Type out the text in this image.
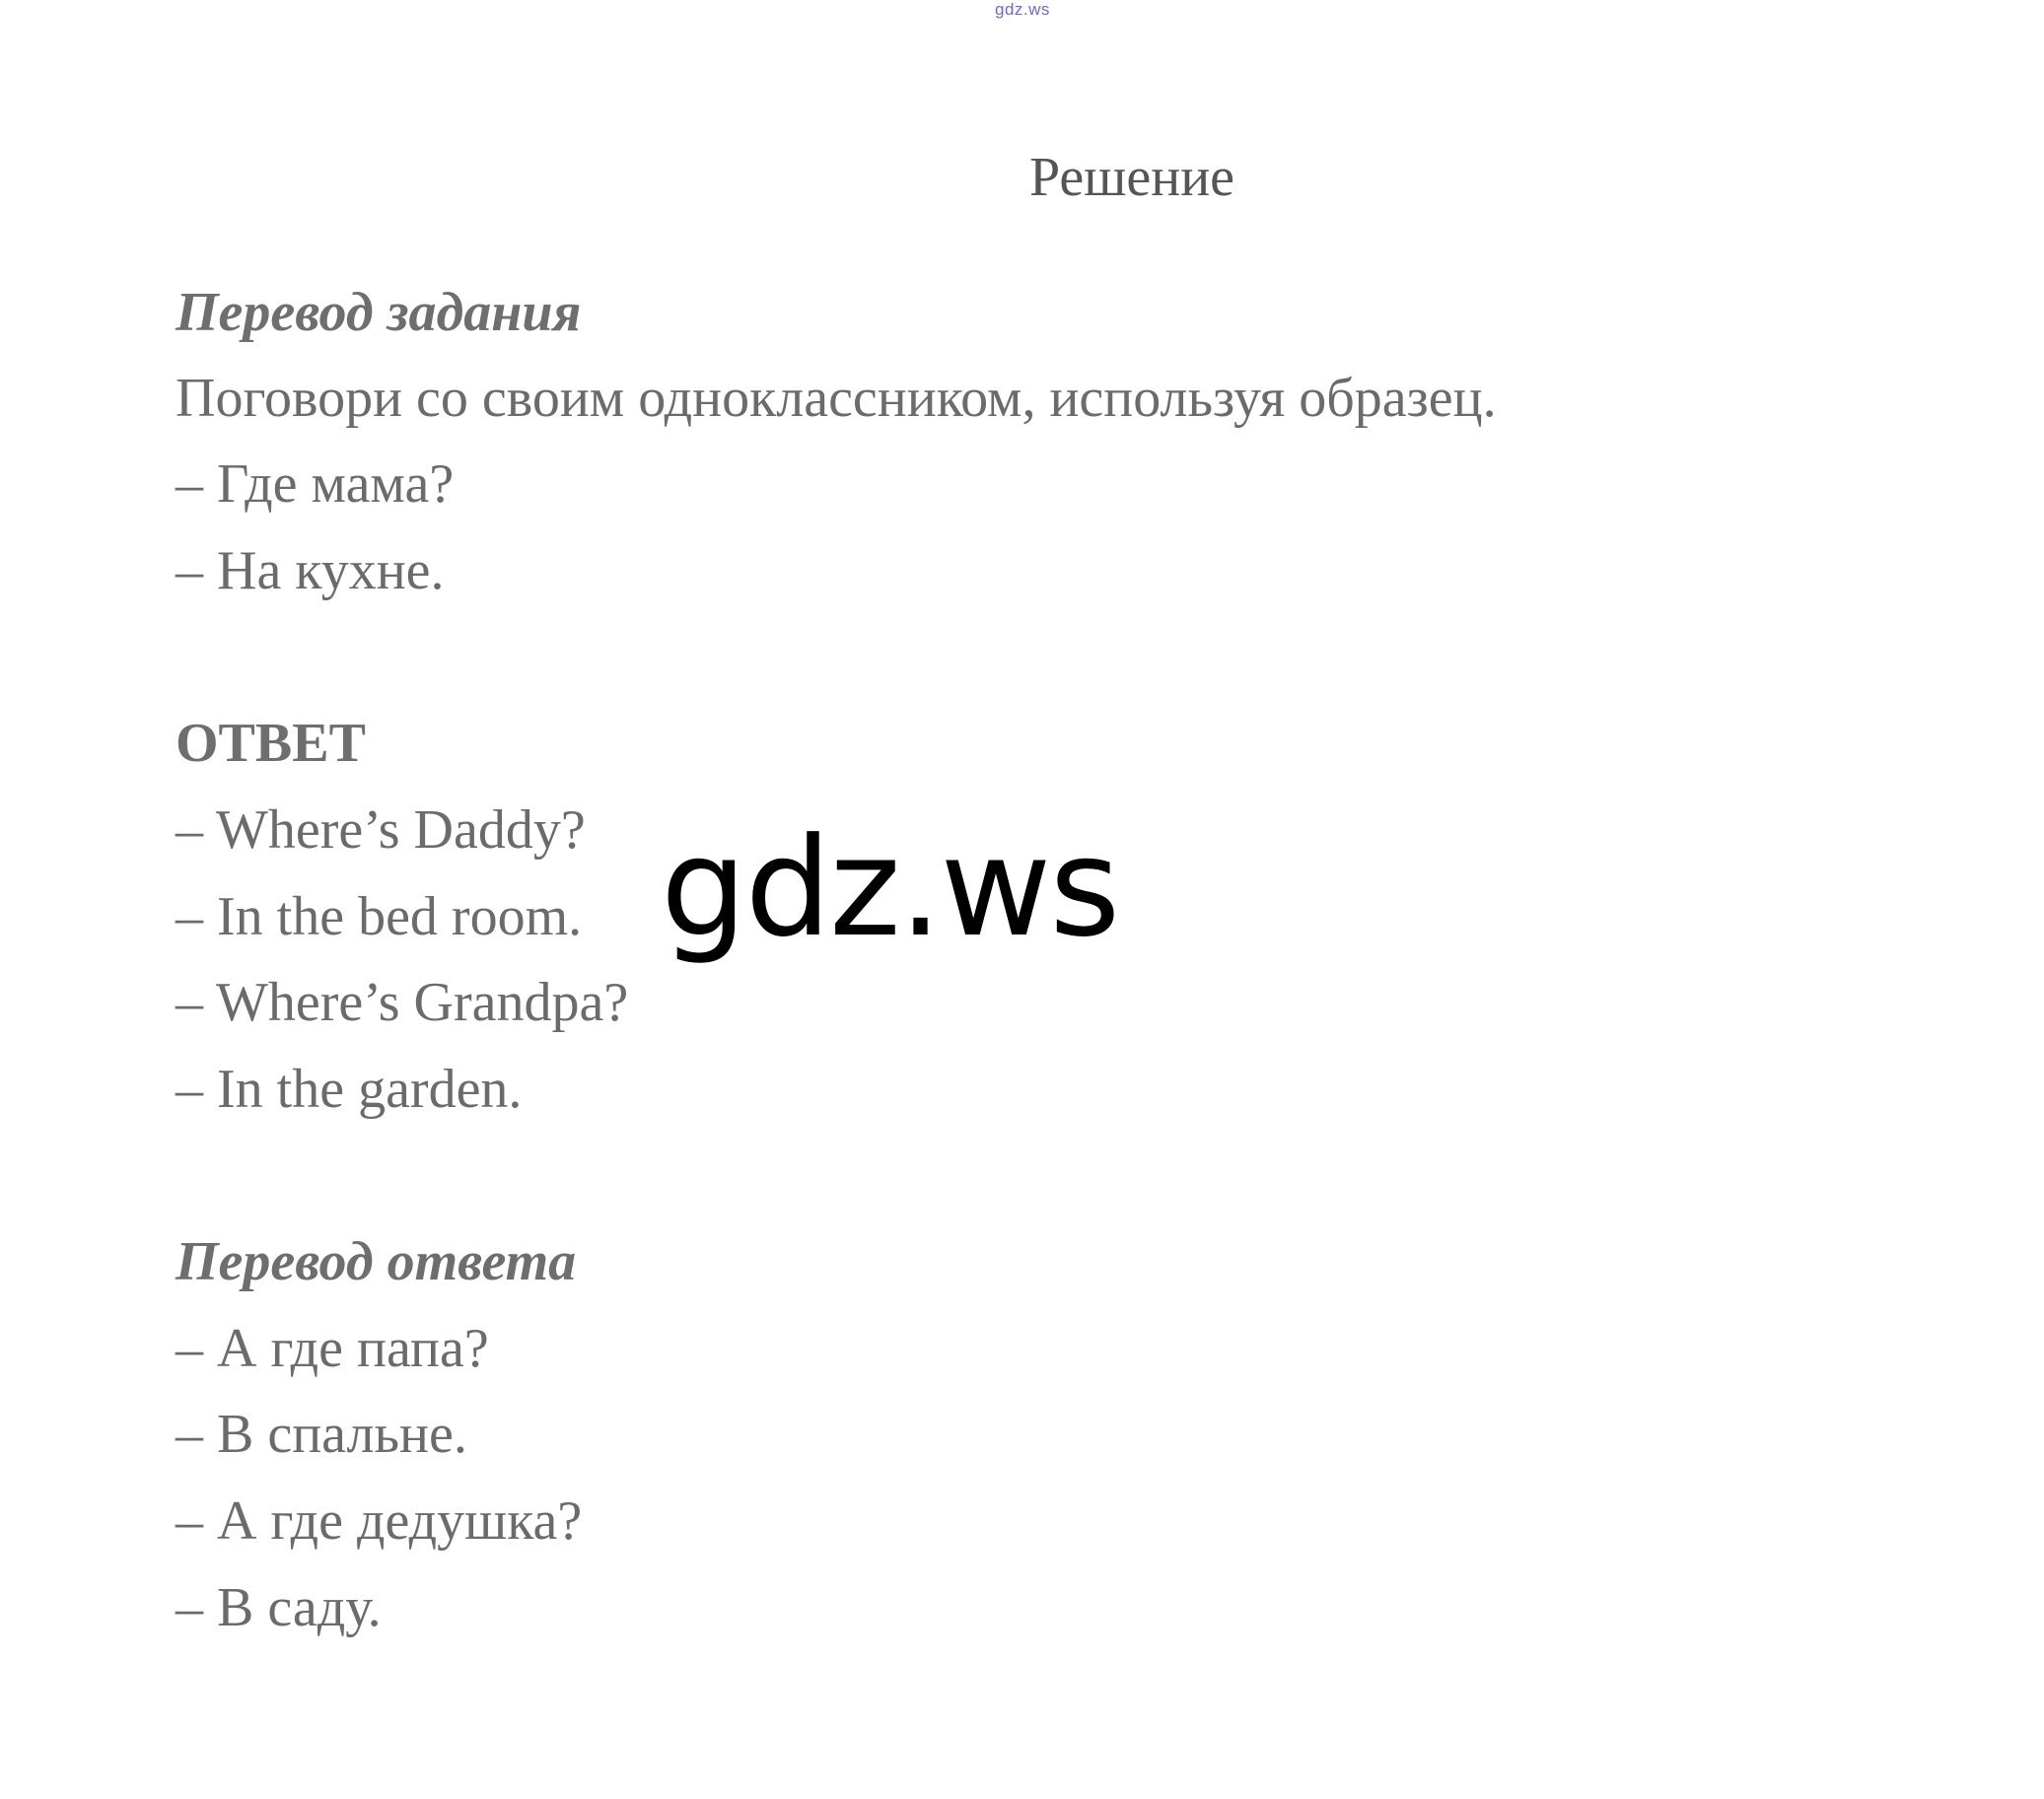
gdz.ws
Решение
Перевод задания
Поговори со своим одноклассником, используя образец.
– Где мама?
– На кухне.
ОТВЕТ
– Where’s Daddy?
– In the bed room.
– Where’s Grandpa?
– In the garden.
Перевод ответа
– А где папа?
– В спальне.
– А где дедушка?
– В саду.
gdz.ws
